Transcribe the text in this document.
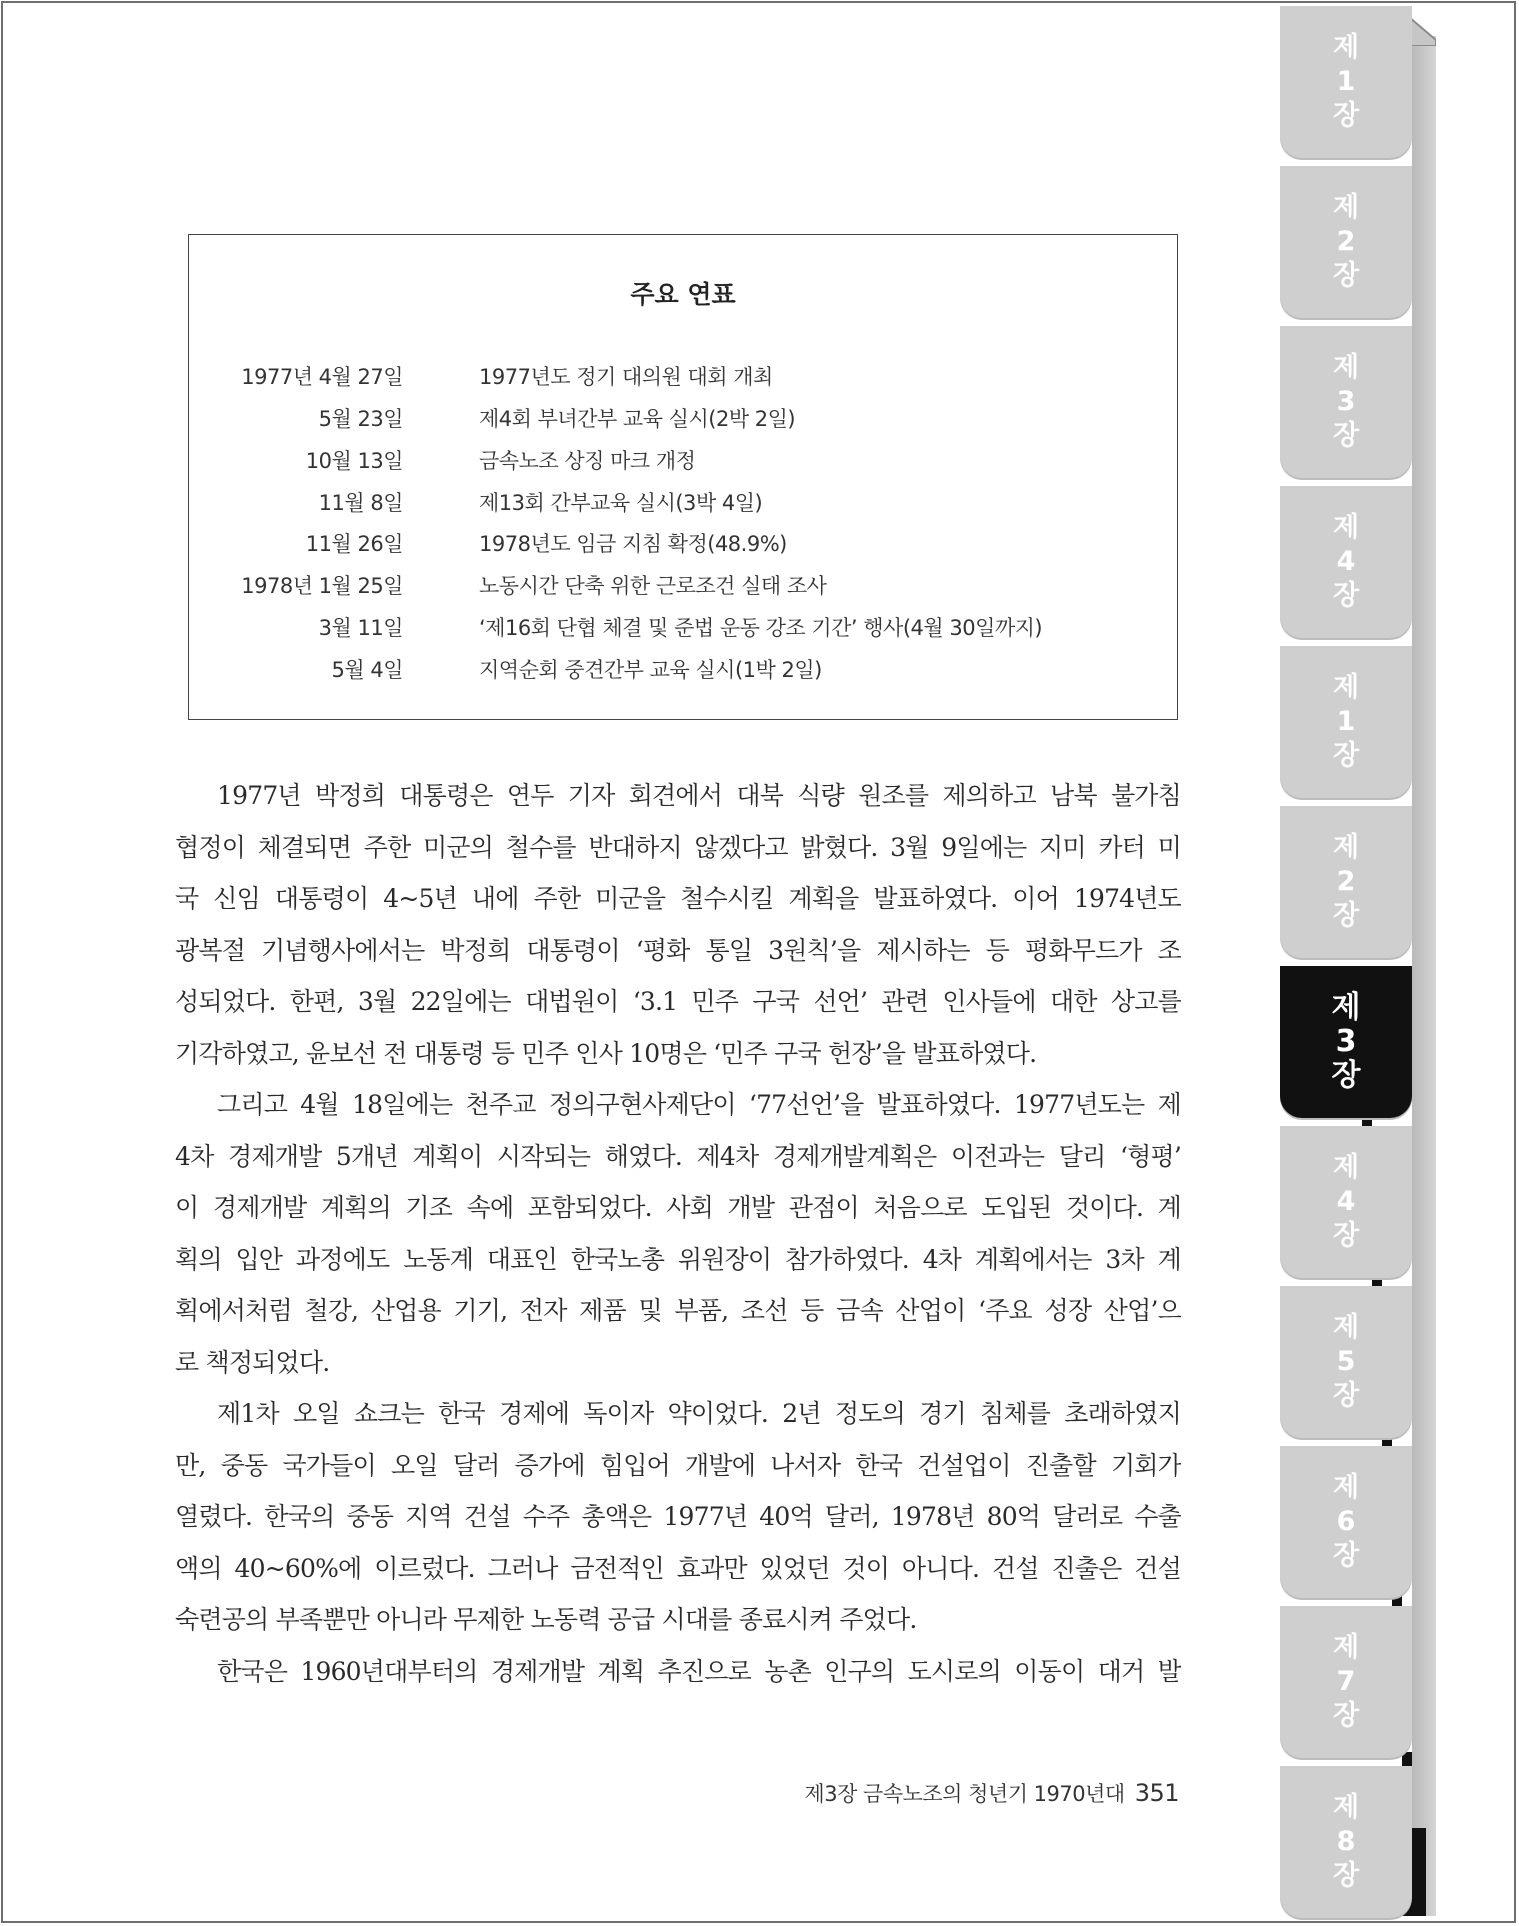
주요 연표
1977년 4월 27일	1977년도 정기 대의원 대회 개최
5월 23일	제4회 부녀간부 교육 실시(2박 2일)
10월 13일	금속노조 상징 마크 개정
11월 8일	제13회 간부교육 실시(3박 4일)
11월 26일	1978년도 임금 지침 확정(48.9%)
1978년 1월 25일	노동시간 단축 위한 근로조건 실태 조사
3월 11일	‘제16회 단협 체결 및 준법 운동 강조 기간’ 행사(4월 30일까지)
5월 4일	지역순회 중견간부 교육 실시(1박 2일)
1977년 박정희 대통령은 연두 기자 회견에서 대북 식량 원조를 제의하고 남북 불가침
협정이 체결되면 주한 미군의 철수를 반대하지 않겠다고 밝혔다. 3월 9일에는 지미 카터 미
국 신임 대통령이 4~5년 내에 주한 미군을 철수시킬 계획을 발표하였다. 이어 1974년도
광복절 기념행사에서는 박정희 대통령이 ‘평화 통일 3원칙’을 제시하는 등 평화무드가 조
성되었다. 한편, 3월 22일에는 대법원이 ‘3.1 민주 구국 선언’ 관련 인사들에 대한 상고를
기각하였고, 윤보선 전 대통령 등 민주 인사 10명은 ‘민주 구국 헌장’을 발표하였다.
그리고 4월 18일에는 천주교 정의구현사제단이 ‘77선언’을 발표하였다. 1977년도는 제
4차 경제개발 5개년 계획이 시작되는 해였다. 제4차 경제개발계획은 이전과는 달리 ‘형평’
이 경제개발 계획의 기조 속에 포함되었다. 사회 개발 관점이 처음으로 도입된 것이다. 계
획의 입안 과정에도 노동계 대표인 한국노총 위원장이 참가하였다. 4차 계획에서는 3차 계
획에서처럼 철강, 산업용 기기, 전자 제품 및 부품, 조선 등 금속 산업이 ‘주요 성장 산업’으
로 책정되었다.
제1차 오일 쇼크는 한국 경제에 독이자 약이었다. 2년 정도의 경기 침체를 초래하였지
만, 중동 국가들이 오일 달러 증가에 힘입어 개발에 나서자 한국 건설업이 진출할 기회가
열렸다. 한국의 중동 지역 건설 수주 총액은 1977년 40억 달러, 1978년 80억 달러로 수출
액의 40~60%에 이르렀다. 그러나 금전적인 효과만 있었던 것이 아니다. 건설 진출은 건설
숙련공의 부족뿐만 아니라 무제한 노동력 공급 시대를 종료시켜 주었다.
한국은 1960년대부터의 경제개발 계획 추진으로 농촌 인구의 도시로의 이동이 대거 발
제3장 금속노조의 청년기 1970년대 351
제
1
장
제
2
장
제
3
장
제
4
장
제
1
장
제
2
장
제
3
장
제
4
장
제
5
장
제
6
장
제
7
장
제
8
장
